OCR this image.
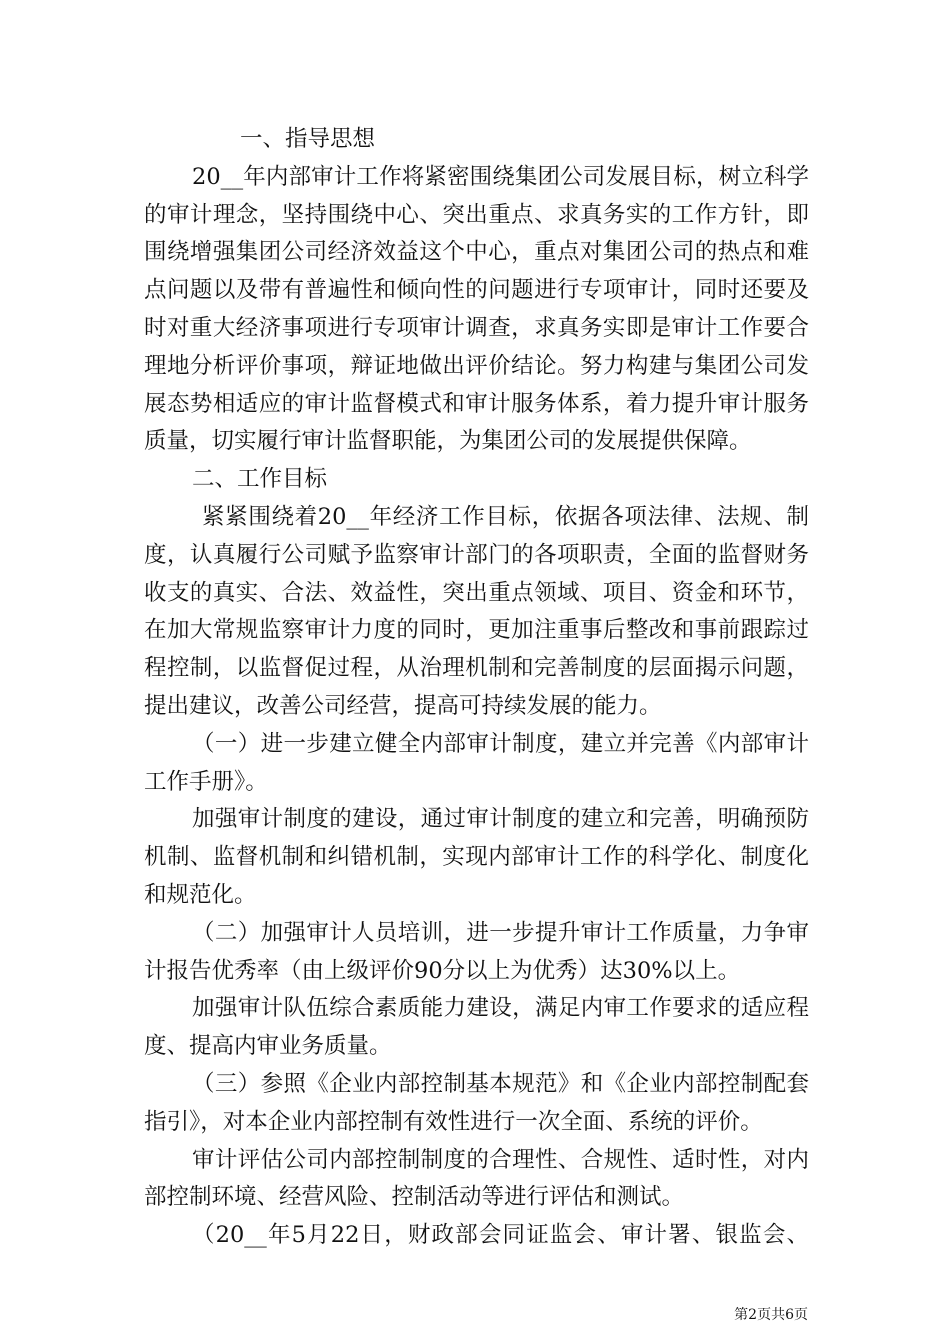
一、指导思想
20__年内部审计工作将紧密围绕集团公司发展目标，树立科学
的审计理念，坚持围绕中心、突出重点、求真务实的工作方针，即
围绕增强集团公司经济效益这个中心，重点对集团公司的热点和难
点问题以及带有普遍性和倾向性的问题进行专项审计，同时还要及
时对重大经济事项进行专项审计调查，求真务实即是审计工作要合
理地分析评价事项，辩证地做出评价结论。努力构建与集团公司发
展态势相适应的审计监督模式和审计服务体系，着力提升审计服务
质量，切实履行审计监督职能，为集团公司的发展提供保障。
二、工作目标
紧紧围绕着20__年经济工作目标，依据各项法律、法规、制
度，认真履行公司赋予监察审计部门的各项职责，全面的监督财务
收支的真实、合法、效益性，突出重点领域、项目、资金和环节，
在加大常规监察审计力度的同时，更加注重事后整改和事前跟踪过
程控制，以监督促过程，从治理机制和完善制度的层面揭示问题，
提出建议，改善公司经营，提高可持续发展的能力。
（一）进一步建立健全内部审计制度，建立并完善《内部审计
工作手册》。
加强审计制度的建设，通过审计制度的建立和完善，明确预防
机制、监督机制和纠错机制，实现内部审计工作的科学化、制度化
和规范化。
（二）加强审计人员培训，进一步提升审计工作质量，力争审
计报告优秀率（由上级评价90分以上为优秀）达30%以上。
加强审计队伍综合素质能力建设，满足内审工作要求的适应程
度、提高内审业务质量。
（三）参照《企业内部控制基本规范》和《企业内部控制配套
指引》，对本企业内部控制有效性进行一次全面、系统的评价。
审计评估公司内部控制制度的合理性、合规性、适时性，对内
部控制环境、经营风险、控制活动等进行评估和测试。
（20__年5月22日，财政部会同证监会、审计署、银监会、
第2页共6页
